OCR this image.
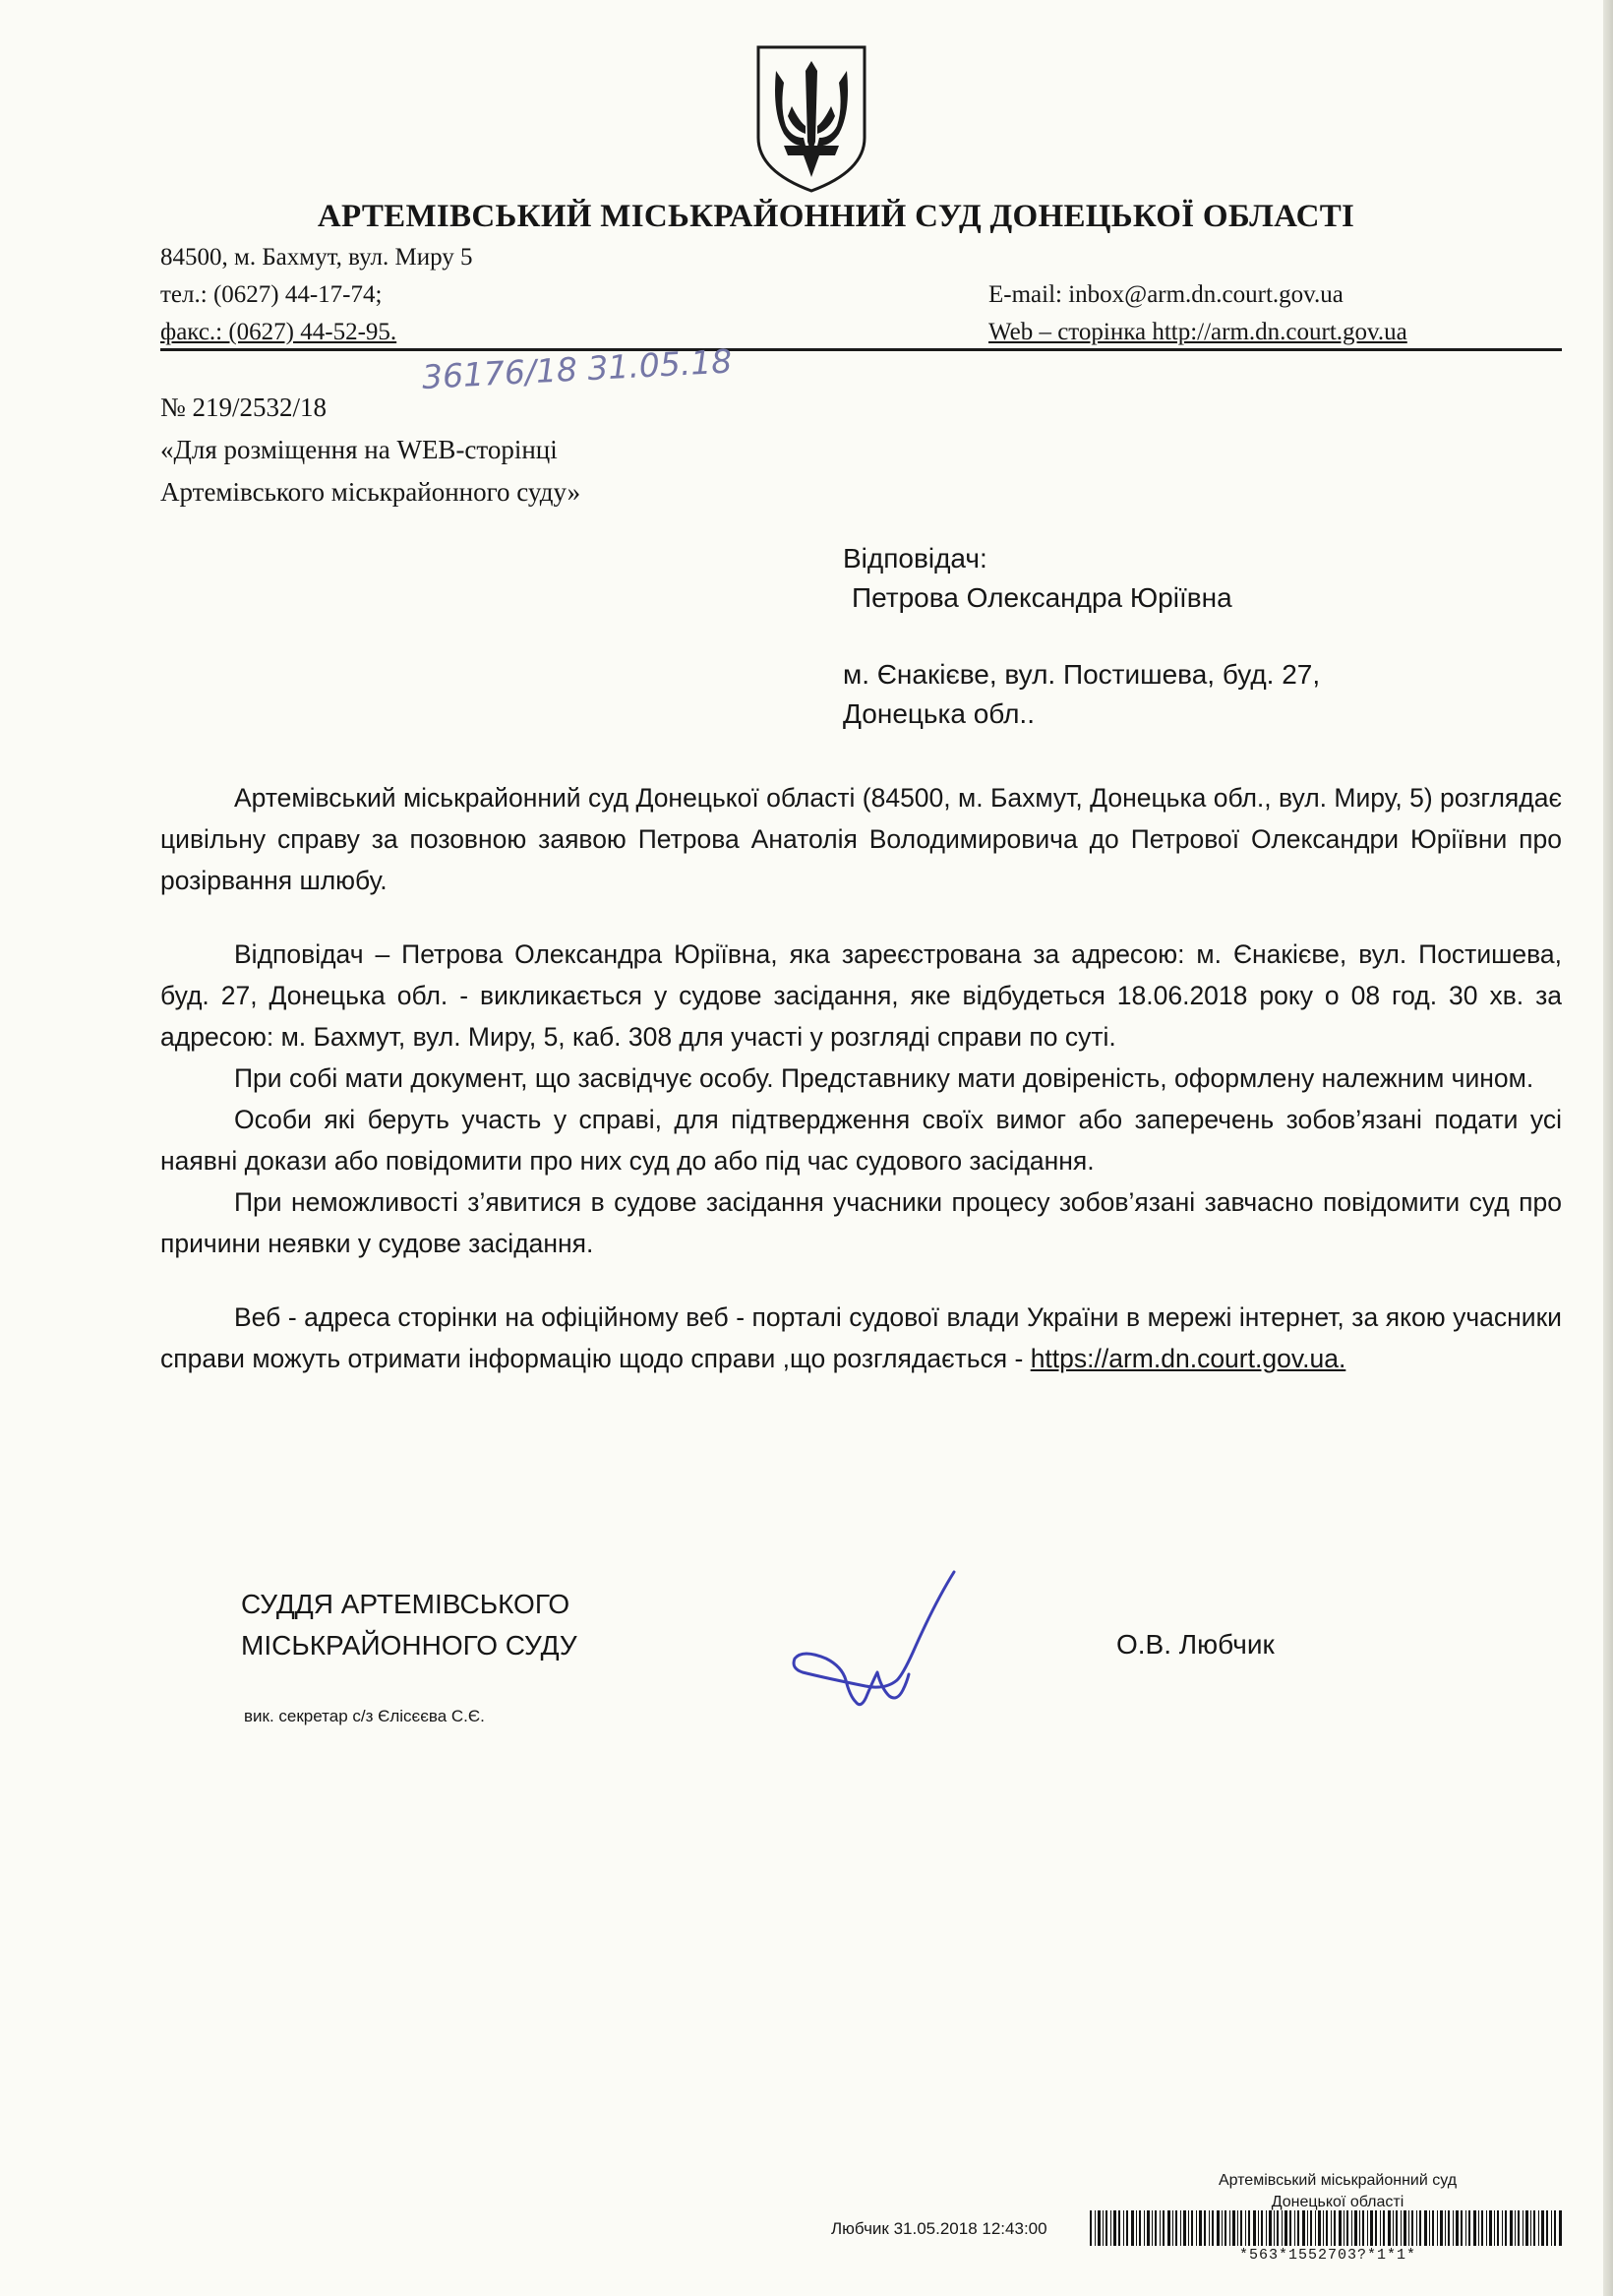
АРТЕМІВСЬКИЙ МІСЬКРАЙОННИЙ СУД ДОНЕЦЬКОЇ ОБЛАСТІ
84500, м. Бахмут, вул. Миру 5
тел.: (0627) 44-17-74;
факс.: (0627) 44-52-95.
E-mail: inbox@arm.dn.court.gov.ua
Web – сторінка http://arm.dn.court.gov.ua
№ 219/2532/18
«Для розміщення на WEB-сторінці
Артемівського міськрайонного суду»
36176/18 31.05.18
Відповідач:
Петрова Олександра Юріївна
м. Єнакієве, вул. Постишева, буд. 27,
Донецька обл..

Артемівський міськрайонний суд Донецької області (84500, м. Бахмут, Донецька обл., вул. Миру, 5) розглядає цивільну справу за позовною заявою Петрова Анатолія Володимировича до Петрової Олександри Юріївни про розірвання шлюбу.

Відповідач – Петрова Олександра Юріївна, яка зареєстрована за адресою: м. Єнакієве, вул. Постишева, буд. 27, Донецька обл. - викликається у судове засідання, яке відбудеться 18.06.2018 року о 08 год. 30 хв. за адресою: м. Бахмут, вул. Миру, 5, каб. 308 для участі у розгляді справи по суті.

При собі мати документ, що засвідчує особу. Представнику мати довіреність, оформлену належним чином.

Особи які беруть участь у справі, для підтвердження своїх вимог або заперечень зобов’язані подати усі наявні докази або повідомити про них суд до або під час судового засідання.

При неможливості з’явитися в судове засідання учасники процесу зобов’язані завчасно повідомити суд про причини неявки у судове засідання.

Веб - адреса сторінки на офіційному веб - порталі судової влади України в мережі інтернет, за якою учасники справи можуть отримати інформацію щодо справи ,що розглядається - https://arm.dn.court.gov.ua.

СУДДЯ АРТЕМІВСЬКОГО
МІСЬКРАЙОННОГО СУДУ	О.В. Любчик
вик. секретар с/з Єлісєєва С.Є.
Артемівський міськрайонний суд
Донецької області
Любчик 31.05.2018 12:43:00
*563*1552703?*1*1*
